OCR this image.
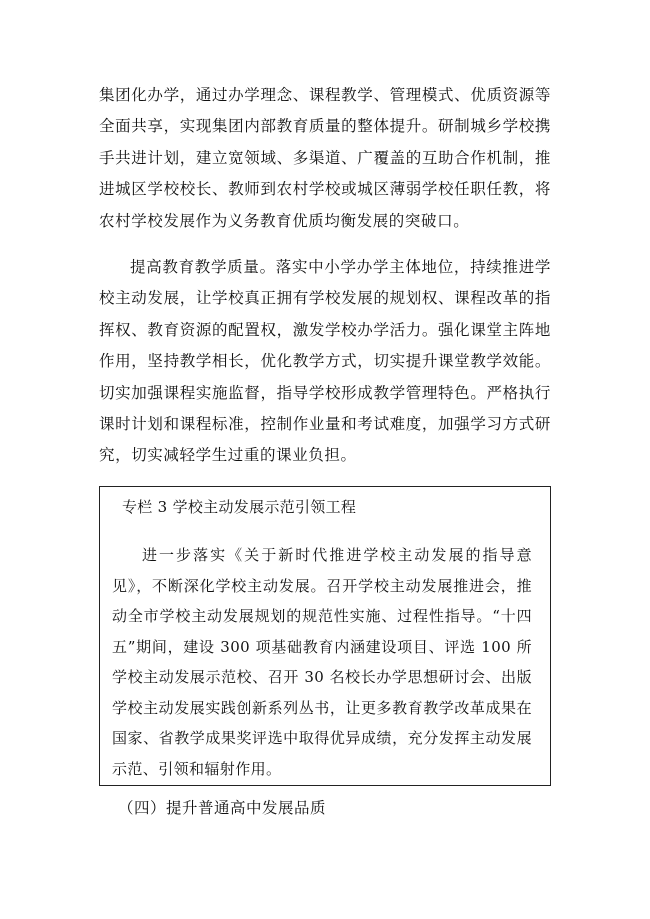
集团化办学，通过办学理念、课程教学、管理模式、优质资源等全面共享，实现集团内部教育质量的整体提升。研制城乡学校携手共进计划，建立宽领域、多渠道、广覆盖的互助合作机制，推进城区学校校长、教师到农村学校或城区薄弱学校任职任教，将农村学校发展作为义务教育优质均衡发展的突破口。

提高教育教学质量。落实中小学办学主体地位，持续推进学校主动发展，让学校真正拥有学校发展的规划权、课程改革的指挥权、教育资源的配置权，激发学校办学活力。强化课堂主阵地作用，坚持教学相长，优化教学方式，切实提升课堂教学效能。切实加强课程实施监督，指导学校形成教学管理特色。严格执行课时计划和课程标准，控制作业量和考试难度，加强学习方式研究，切实减轻学生过重的课业负担。

专栏 3 学校主动发展示范引领工程

进一步落实《关于新时代推进学校主动发展的指导意见》，不断深化学校主动发展。召开学校主动发展推进会，推动全市学校主动发展规划的规范性实施、过程性指导。“十四五”期间，建设 300 项基础教育内涵建设项目、评选 100 所学校主动发展示范校、召开 30 名校长办学思想研讨会、出版学校主动发展实践创新系列丛书，让更多教育教学改革成果在国家、省教学成果奖评选中取得优异成绩，充分发挥主动发展示范、引领和辐射作用。

（四）提升普通高中发展品质
